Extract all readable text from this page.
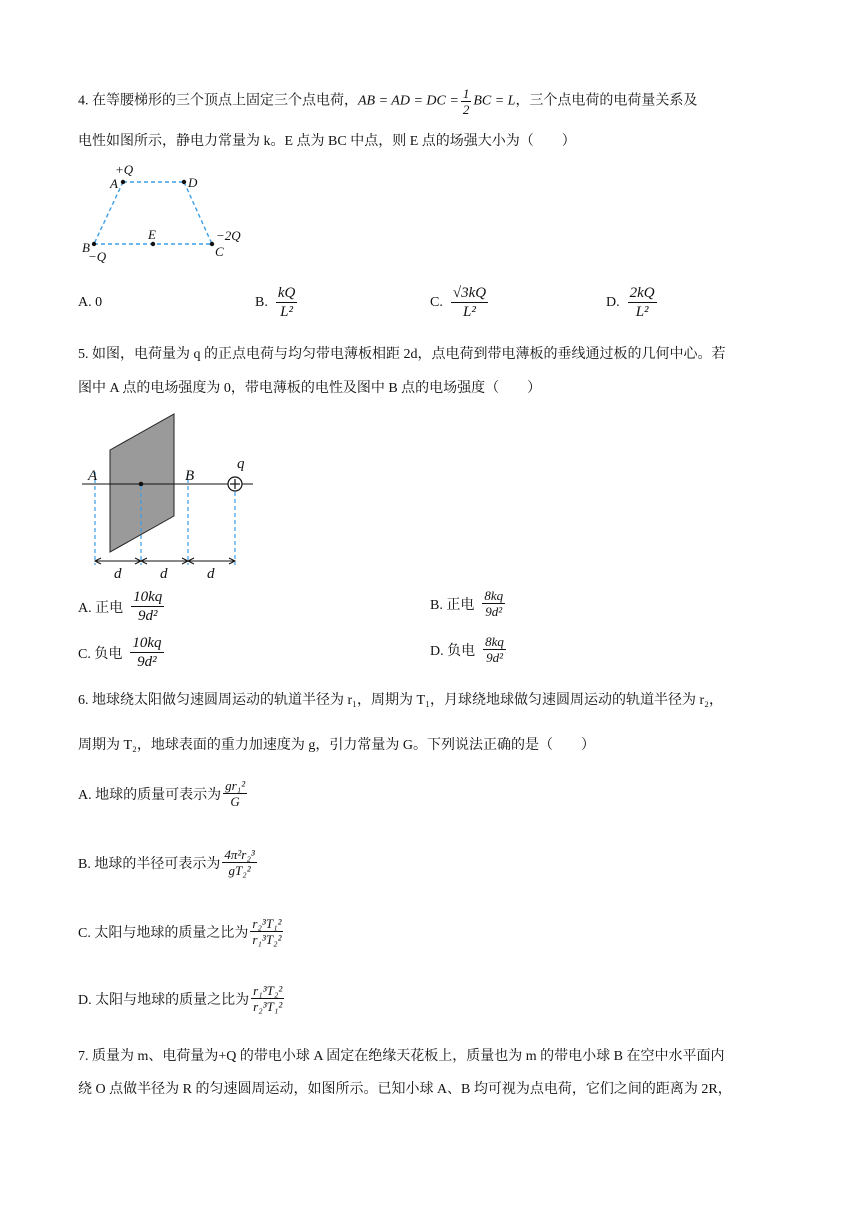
4. 在等腰梯形的三个顶点上固定三个点电荷，AB = AD = DC = $\frac{1}{2}$ BC = L，三个点电荷的电荷量关系及
电性如图所示，静电力常量为 k。E 点为 BC 中点，则 E 点的场强大小为（　　）
+Q
A	D
E	−2Q
B
−Q	C
A. 0	B. $\frac{kQ}{\text{L²}}$	C. $\frac{√3kQ}{\text{L²}}$	D. $\frac{2kQ}{\text{L²}}$
5. 如图，电荷量为 q 的正点电荷与均匀带电薄板相距 2d，点电荷到带电薄板的垂线通过板的几何中心。若
图中 A 点的电场强度为 0，带电薄板的电性及图中 B 点的电场强度（　　）
A	B
q
d	d	d
A. 正电 $\frac{10kq}{\text{9d²}}$	B. 正电 $\frac{8kq}{\text{9d²}}$
C. 负电 $\frac{10kq}{\text{9d²}}$	D. 负电 $\frac{8kq}{\text{9d²}}$
6. 地球绕太阳做匀速圆周运动的轨道半径为 r₁，周期为 T₁，月球绕地球做匀速圆周运动的轨道半径为 r₂，
周期为 T₂，地球表面的重力加速度为 g，引力常量为 G。下列说法正确的是（　　）
A. 地球的质量可表示为 $\frac{\text{gr₁²}}{G}$
B. 地球的半径可表示为 $\frac{\text{4π²r₂³}}{\text{gT₂²}}$
C. 太阳与地球的质量之比为 $\frac{\text{r₂³T₁²}}{\text{r₁³T₂²}}$
D. 太阳与地球的质量之比为 $\frac{\text{r₁³T₂²}}{\text{r₂³T₁²}}$
7. 质量为 m、电荷量为+Q 的带电小球 A 固定在绝缘天花板上，质量也为 m 的带电小球 B 在空中水平面内
绕 O 点做半径为 R 的匀速圆周运动，如图所示。已知小球 A、B 均可视为点电荷，它们之间的距离为 2R，
